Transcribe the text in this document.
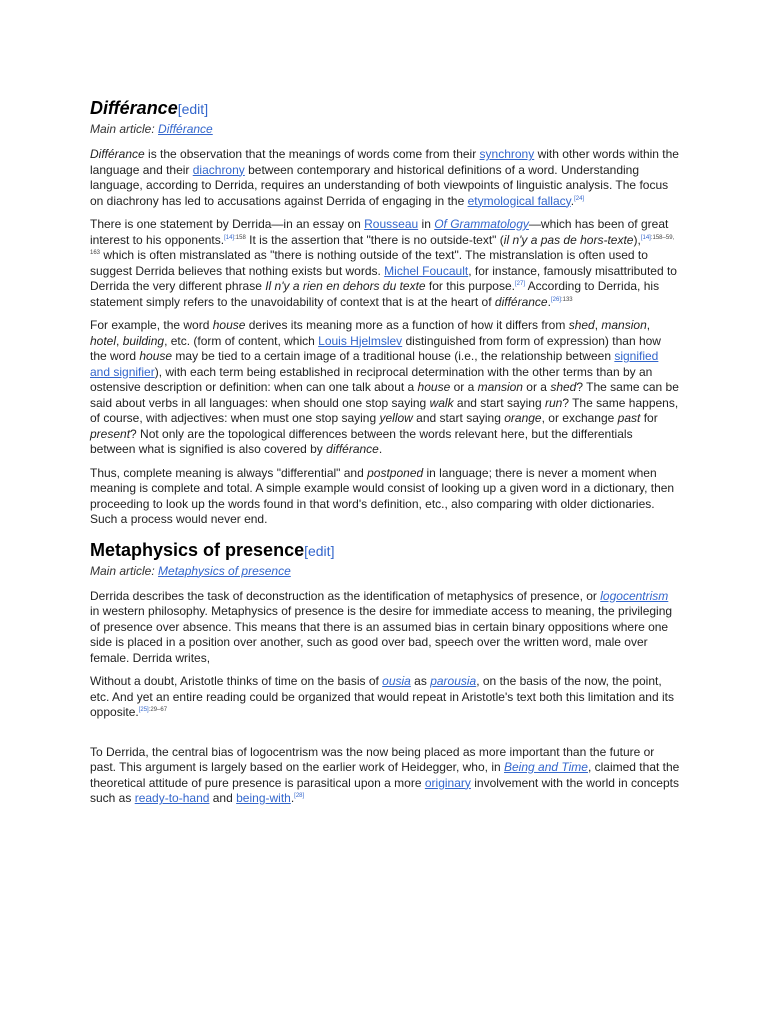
Différance[edit]
Main article: Différance

Différance is the observation that the meanings of words come from their synchrony with other words within the language and their diachrony between contemporary and historical definitions of a word. Understanding language, according to Derrida, requires an understanding of both viewpoints of linguistic analysis. The focus on diachrony has led to accusations against Derrida of engaging in the etymological fallacy.[24]

There is one statement by Derrida—in an essay on Rousseau in Of Grammatology—which has been of great interest to his opponents.$^{[14]:158}$ It is the assertion that "there is no outside-text" (il n'y a pas de hors-texte),$^{[14]:158-59, 163}$ which is often mistranslated as "there is nothing outside of the text". The mistranslation is often used to suggest Derrida believes that nothing exists but words. Michel Foucault, for instance, famously misattributed to Derrida the very different phrase Il n'y a rien en dehors du texte for this purpose.[27] According to Derrida, his statement simply refers to the unavoidability of context that is at the heart of différance.$^{[26]:133}$

For example, the word house derives its meaning more as a function of how it differs from shed, mansion, hotel, building, etc. (form of content, which Louis Hjelmslev distinguished from form of expression) than how the word house may be tied to a certain image of a traditional house (i.e., the relationship between signified and signifier), with each term being established in reciprocal determination with the other terms than by an ostensive description or definition: when can one talk about a house or a mansion or a shed? The same can be said about verbs in all languages: when should one stop saying walk and start saying run? The same happens, of course, with adjectives: when must one stop saying yellow and start saying orange, or exchange past for present? Not only are the topological differences between the words relevant here, but the differentials between what is signified is also covered by différance.

Thus, complete meaning is always "differential" and postponed in language; there is never a moment when meaning is complete and total. A simple example would consist of looking up a given word in a dictionary, then proceeding to look up the words found in that word's definition, etc., also comparing with older dictionaries. Such a process would never end.

Metaphysics of presence[edit]
Main article: Metaphysics of presence

Derrida describes the task of deconstruction as the identification of metaphysics of presence, or logocentrism in western philosophy. Metaphysics of presence is the desire for immediate access to meaning, the privileging of presence over absence. This means that there is an assumed bias in certain binary oppositions where one side is placed in a position over another, such as good over bad, speech over the written word, male over female. Derrida writes,

Without a doubt, Aristotle thinks of time on the basis of ousia as parousia, on the basis of the now, the point, etc. And yet an entire reading could be organized that would repeat in Aristotle's text both this limitation and its opposite.$^{[25]:29-67}$

To Derrida, the central bias of logocentrism was the now being placed as more important than the future or past. This argument is largely based on the earlier work of Heidegger, who, in Being and Time, claimed that the theoretical attitude of pure presence is parasitical upon a more originary involvement with the world in concepts such as ready-to-hand and being-with.[28]
